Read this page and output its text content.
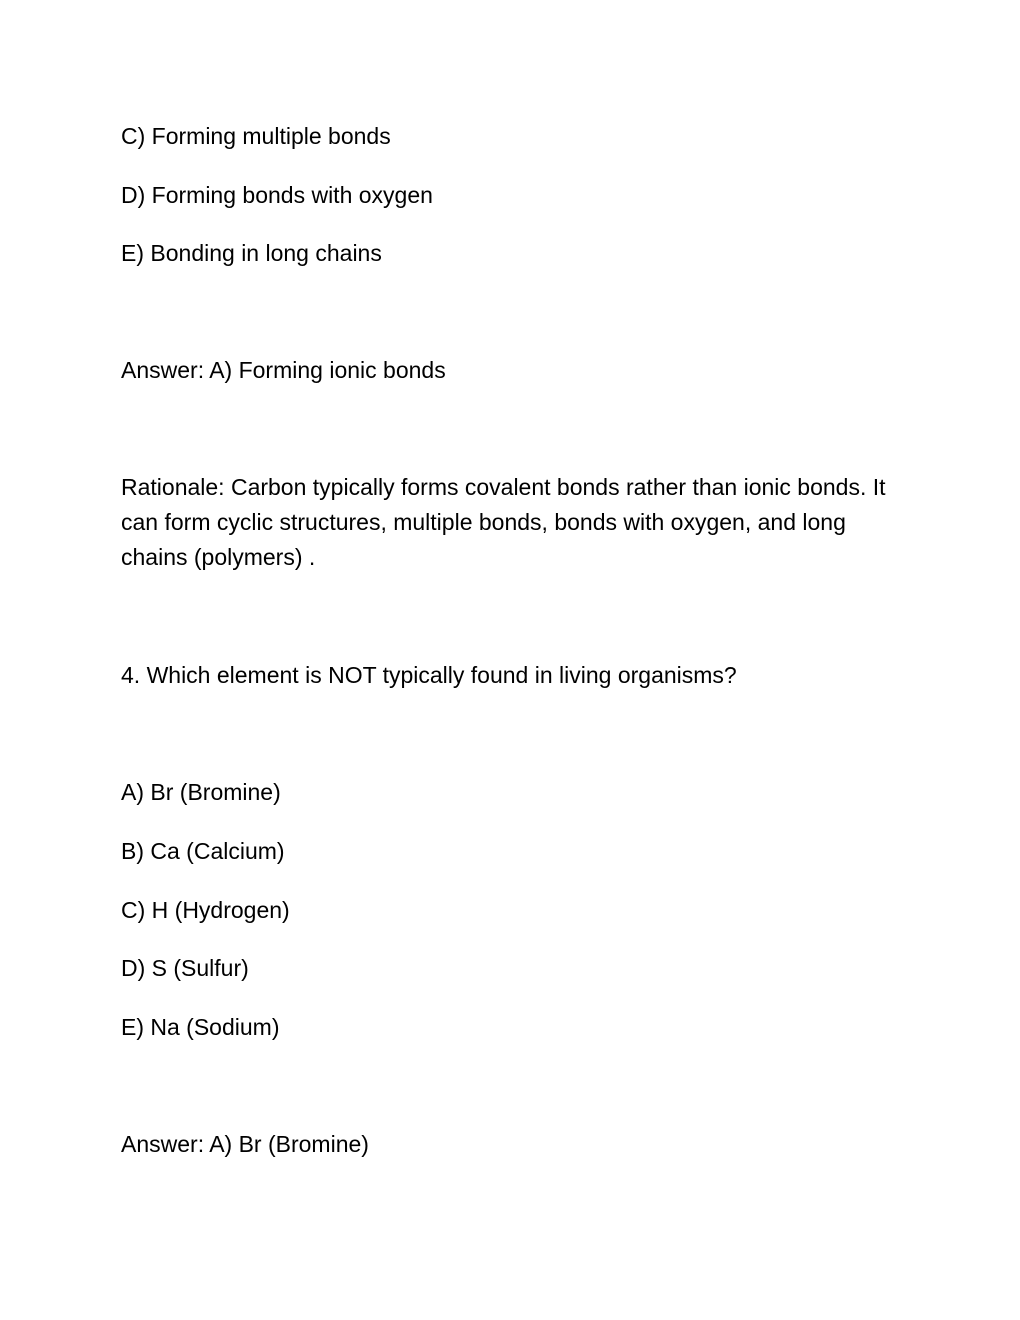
C) Forming multiple bonds
D) Forming bonds with oxygen
E) Bonding in long chains
Answer: A) Forming ionic bonds
Rationale: Carbon typically forms covalent bonds rather than ionic bonds. It can form cyclic structures, multiple bonds, bonds with oxygen, and long chains (polymers) .
4. Which element is NOT typically found in living organisms?
A) Br (Bromine)
B) Ca (Calcium)
C) H (Hydrogen)
D) S (Sulfur)
E) Na (Sodium)
Answer: A) Br (Bromine)
